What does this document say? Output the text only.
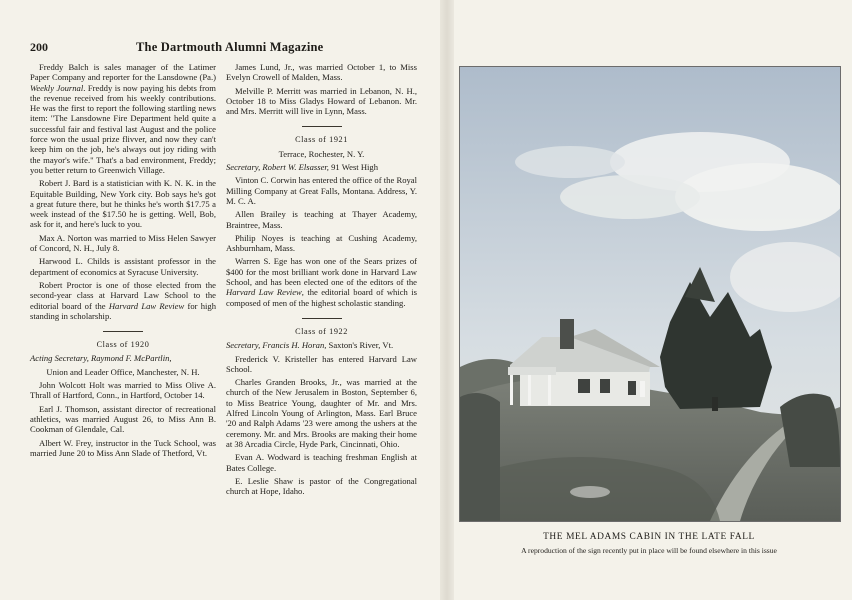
200	The Dartmouth Alumni Magazine

Freddy Balch is sales manager of the Latimer Paper Company and reporter for the Lansdowne (Pa.) Weekly Journal. Freddy is now paying his debts from the revenue received from his weekly contributions. He was the first to report the following startling news item: "The Lansdowne Fire Department held quite a successful fair and festival last August and the police force won the usual prize flivver, and now they can't keep him on the job, he's always out joy riding with the mayor's wife." That's a bad environment, Freddy; you better return to Greenwich Village.

Robert J. Bard is a statistician with K. N. K. in the Equitable Building, New York city. Bob says he's got a great future there, but he thinks he's worth $17.75 a week instead of the $17.50 he is getting. Well, Bob, ask for it, and here's luck to you.

Max A. Norton was married to Miss Helen Sawyer of Concord, N. H., July 8.

Harwood L. Childs is assistant professor in the department of economics at Syracuse University.

Robert Proctor is one of those elected from the second-year class at Harvard Law School to the editorial board of the Harvard Law Review for high standing in scholarship.

Class of 1920

Acting Secretary, Raymond F. McPartlin,

Union and Leader Office, Manchester, N. H.

John Wolcott Holt was married to Miss Olive A. Thrall of Hartford, Conn., in Hartford, October 14.

Earl J. Thomson, assistant director of recreational athletics, was married August 26, to Miss Ann B. Cookman of Glendale, Cal.

Albert W. Frey, instructor in the Tuck School, was married June 20 to Miss Ann Slade of Thetford, Vt.

James Lund, Jr., was married October 1, to Miss Evelyn Crowell of Malden, Mass.

Melville P. Merritt was married in Lebanon, N. H., October 18 to Miss Gladys Howard of Lebanon. Mr. and Mrs. Merritt will live in Lynn, Mass.

Class of 1921

Terrace, Rochester, N. Y.

Secretary, Robert W. Elsasser, 91 West High

Vinton C. Corwin has entered the office of the Royal Milling Company at Great Falls, Montana. Address, Y. M. C. A.

Allen Brailey is teaching at Thayer Academy, Braintree, Mass.

Philip Noyes is teaching at Cushing Academy, Ashburnham, Mass.

Warren S. Ege has won one of the Sears prizes of $400 for the most brilliant work done in Harvard Law School, and has been elected one of the editors of the Harvard Law Review, the editorial board of which is composed of men of the highest scholastic standing.

Class of 1922

Secretary, Francis H. Horan, Saxton's River, Vt.

Frederick V. Kristeller has entered Harvard Law School.

Charles Granden Brooks, Jr., was married at the church of the New Jerusalem in Boston, September 6, to Miss Beatrice Young, daughter of Mr. and Mrs. Alfred Lincoln Young of Arlington, Mass. Earl Bruce '20 and Ralph Adams '23 were among the ushers at the ceremony. Mr. and Mrs. Brooks are making their home at 38 Arcadia Circle, Hyde Park, Cincinnati, Ohio.

Evan A. Wodward is teaching freshman English at Bates College.

E. Leslie Shaw is pastor of the Congregational church at Hope, Idaho.

THE MEL ADAMS CABIN IN THE LATE FALL
A reproduction of the sign recently put in place will be found elsewhere in this issue
